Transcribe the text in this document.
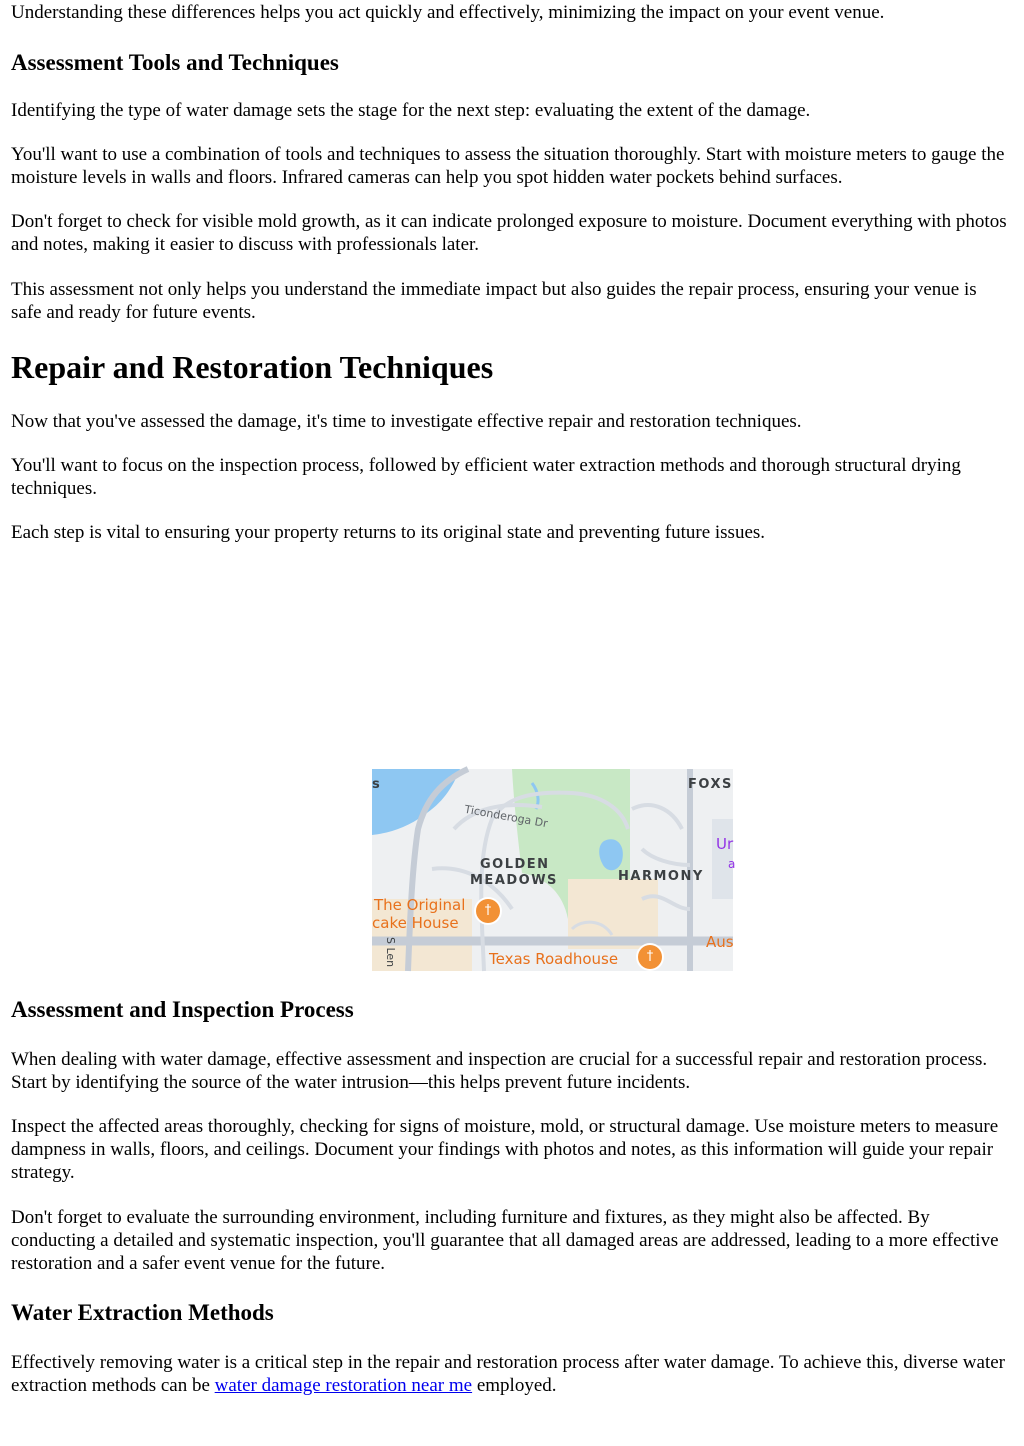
Understanding these differences helps you act quickly and effectively, minimizing the impact on your event venue.

Assessment Tools and Techniques

Identifying the type of water damage sets the stage for the next step: evaluating the extent of the damage.

You'll want to use a combination of tools and techniques to assess the situation thoroughly. Start with moisture meters to gauge the moisture levels in walls and floors. Infrared cameras can help you spot hidden water pockets behind surfaces.

Don't forget to check for visible mold growth, as it can indicate prolonged exposure to moisture. Document everything with photos and notes, making it easier to discuss with professionals later.

This assessment not only helps you understand the immediate impact but also guides the repair process, ensuring your venue is safe and ready for future events.

Repair and Restoration Techniques

Now that you've assessed the damage, it's time to investigate effective repair and restoration techniques.

You'll want to focus on the inspection process, followed by efficient water extraction methods and thorough structural drying techniques.

Each step is vital to ensuring your property returns to its original state and preventing future issues.

Assessment and Inspection Process

When dealing with water damage, effective assessment and inspection are crucial for a successful repair and restoration process. Start by identifying the source of the water intrusion—this helps prevent future incidents.

Inspect the affected areas thoroughly, checking for signs of moisture, mold, or structural damage. Use moisture meters to measure dampness in walls, floors, and ceilings. Document your findings with photos and notes, as this information will guide your repair strategy.

Don't forget to evaluate the surrounding environment, including furniture and fixtures, as they might also be affected. By conducting a detailed and systematic inspection, you'll guarantee that all damaged areas are addressed, leading to a more effective restoration and a safer event venue for the future.

Water Extraction Methods

Effectively removing water is a critical step in the repair and restoration process after water damage. To achieve this, diverse water extraction methods can be water damage restoration near me employed.

s	FOXS
Ticonderoga Dr
GOLDEN
MEADOWS	HARMONY
Ur
a
The Original
cake House
†
S Len	Texas Roadhouse	†
Aus
